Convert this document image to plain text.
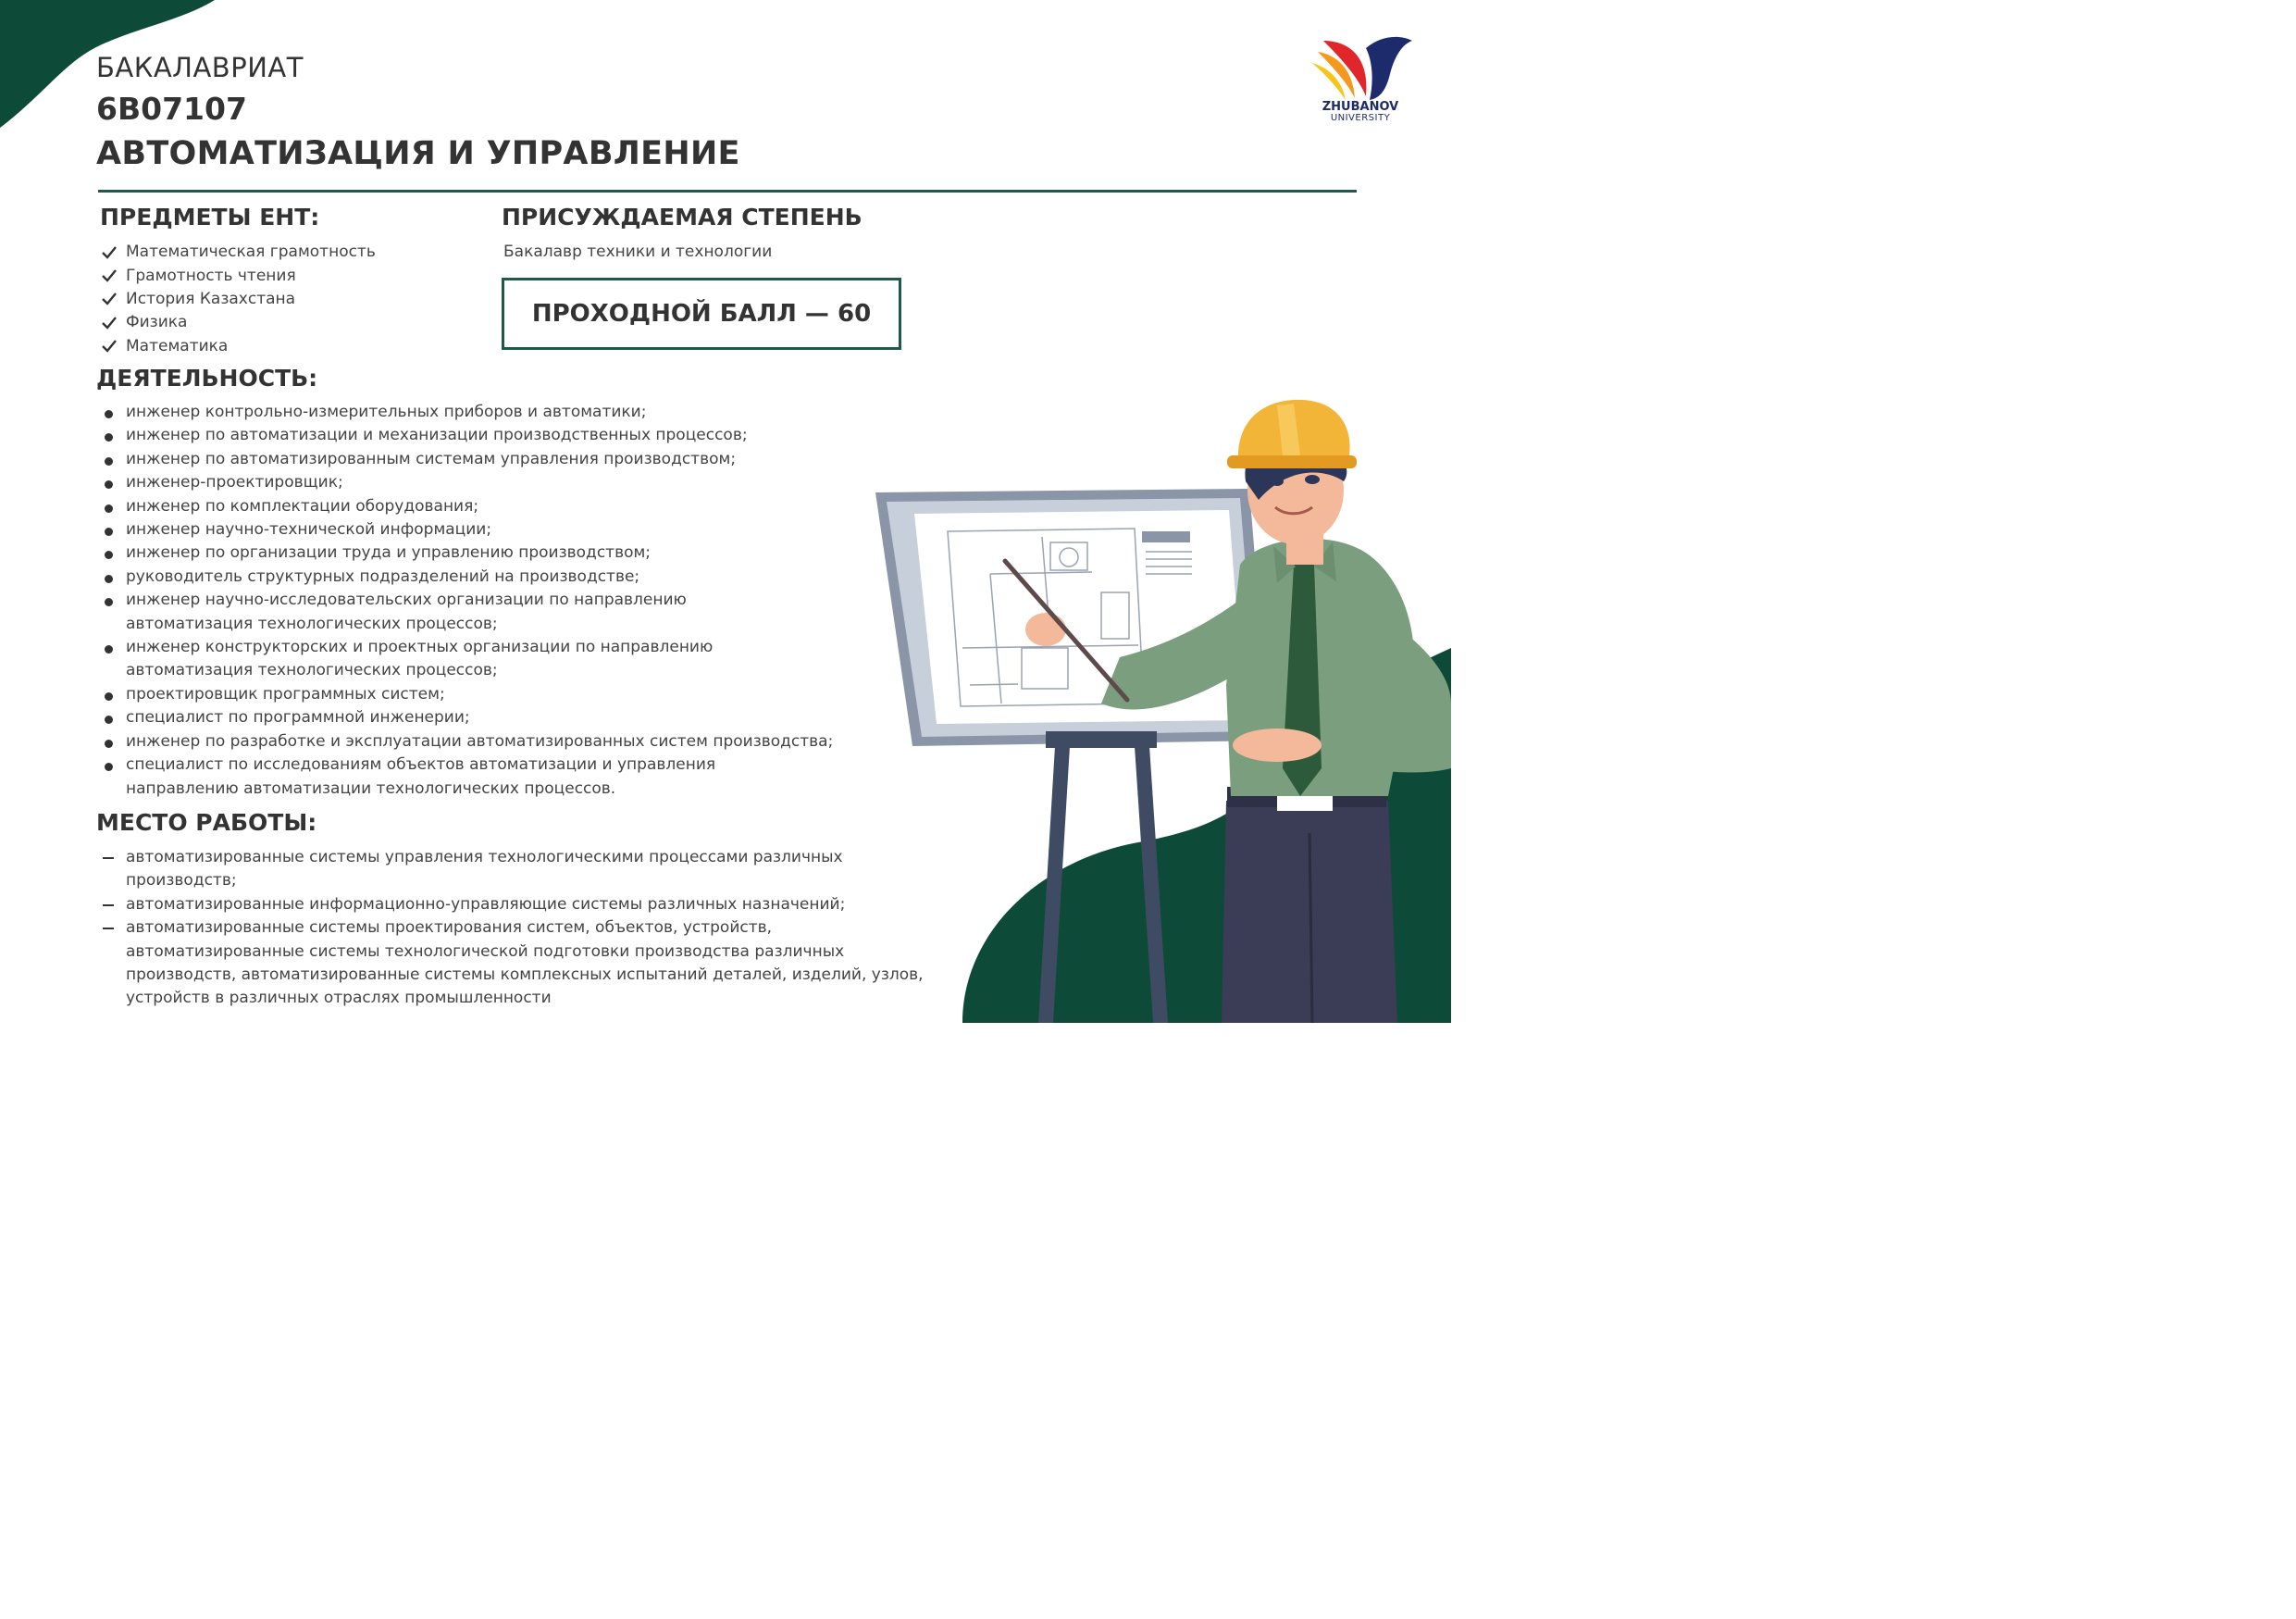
ZHUBANOV
UNIVERSITY
БАКАЛАВРИАТ
6B07107
АВТОМАТИЗАЦИЯ И УПРАВЛЕНИЕ
ПРЕДМЕТЫ ЕНТ:
Математическая грамотность
Грамотность чтения
История Казахстана
Физика
Математика
ПРИСУЖДАЕМАЯ СТЕПЕНЬ
Бакалавр техники и технологии
ПРОХОДНОЙ БАЛЛ — 60
ДЕЯТЕЛЬНОСТЬ:
инженер контрольно-измерительных приборов и автоматики;
инженер по автоматизации и механизации производственных процессов;
инженер по автоматизированным системам управления производством;
инженер-проектировщик;
инженер по комплектации оборудования;
инженер научно-технической информации;
инженер по организации труда и управлению производством;
руководитель структурных подразделений на производстве;
инженер научно-исследовательских организации по направлению автоматизация технологических процессов;
инженер конструкторских и проектных организации по направлению автоматизация технологических процессов;
проектировщик программных систем;
специалист по программной инженерии;
инженер по разработке и эксплуатации автоматизированных систем производства;
специалист по исследованиям объектов автоматизации и управления направлению автоматизации технологических процессов.
МЕСТО РАБОТЫ:
автоматизированные системы управления технологическими процессами различных производств;
автоматизированные информационно-управляющие системы различных назначений;
автоматизированные системы проектирования систем, объектов, устройств, автоматизированные системы технологической подготовки производства различных производств, автоматизированные системы комплексных испытаний деталей, изделий, узлов, устройств в различных отраслях промышленности
